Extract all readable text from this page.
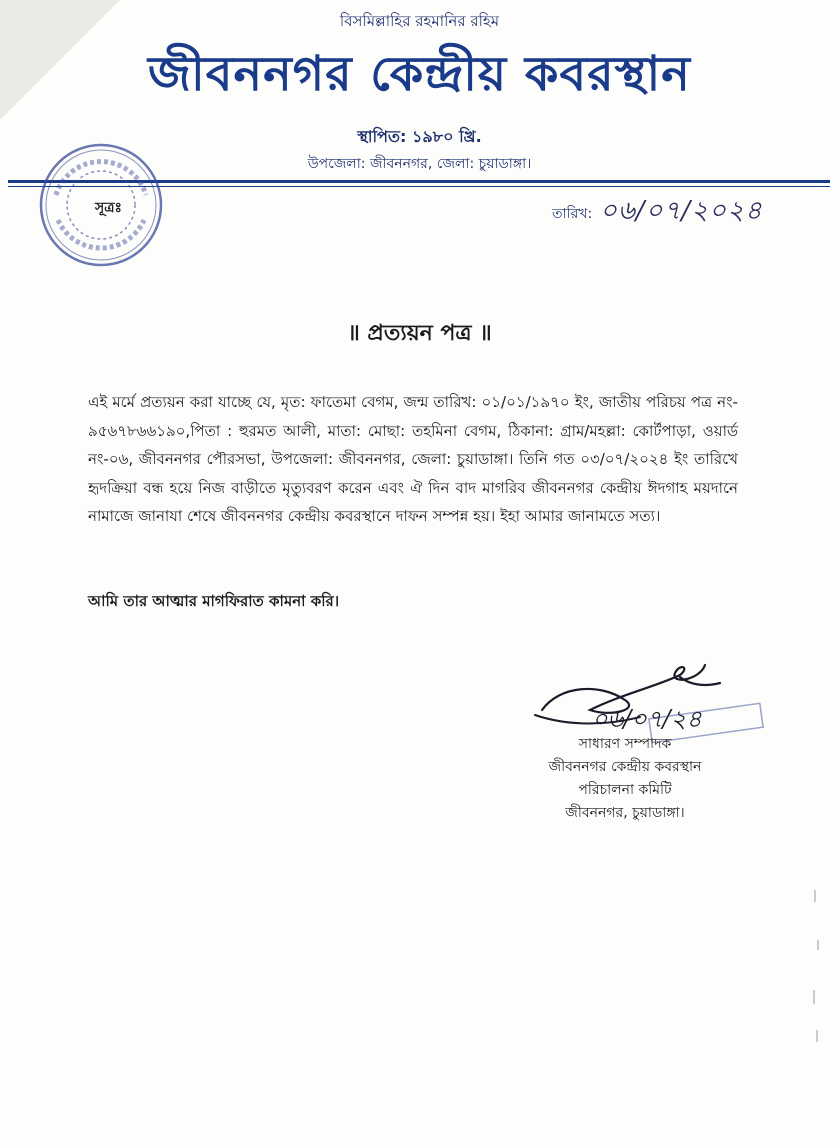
বিসমিল্লাহির রহমানির রহিম
জীবননগর কেন্দ্রীয় কবরস্থান
স্থাপিত: ১৯৮০ খ্রি.
উপজেলা: জীবননগর, জেলা: চুয়াডাঙ্গা।
সূত্রঃ	তারিখ: ০৬/০৭/২০২৪
॥ প্রত্যয়ন পত্র ॥
এই মর্মে প্রত্যয়ন করা যাচ্ছে যে, মৃত: ফাতেমা বেগম, জন্ম তারিখ: ০১/০১/১৯৭০ ইং, জাতীয় পরিচয় পত্র নং- ৯৫৬৭৮৬৬১৯০,পিতা : হুরমত আলী, মাতা: মোছা: তহমিনা বেগম, ঠিকানা: গ্রাম/মহল্লা: কোর্টপাড়া, ওয়ার্ড নং-০৬, জীবননগর পৌরসভা, উপজেলা: জীবননগর, জেলা: চুয়াডাঙ্গা। তিনি গত ০৩/০৭/২০২৪ ইং তারিখে হৃদক্রিয়া বন্ধ হয়ে নিজ বাড়ীতে মৃত্যুবরণ করেন এবং ঐ দিন বাদ মাগরিব জীবননগর কেন্দ্রীয় ঈদগাহ ময়দানে নামাজে জানাযা শেষে জীবননগর কেন্দ্রীয় কবরস্থানে দাফন সম্পন্ন হয়। ইহা আমার জানামতে সত্য।
আমি তার আত্মার মাগফিরাত কামনা করি।
০৬/০৭/২৪
সাধারণ সম্পাদক
জীবননগর কেন্দ্রীয় কবরস্থান
পরিচালনা কমিটি
জীবননগর, চুয়াডাঙ্গা।
